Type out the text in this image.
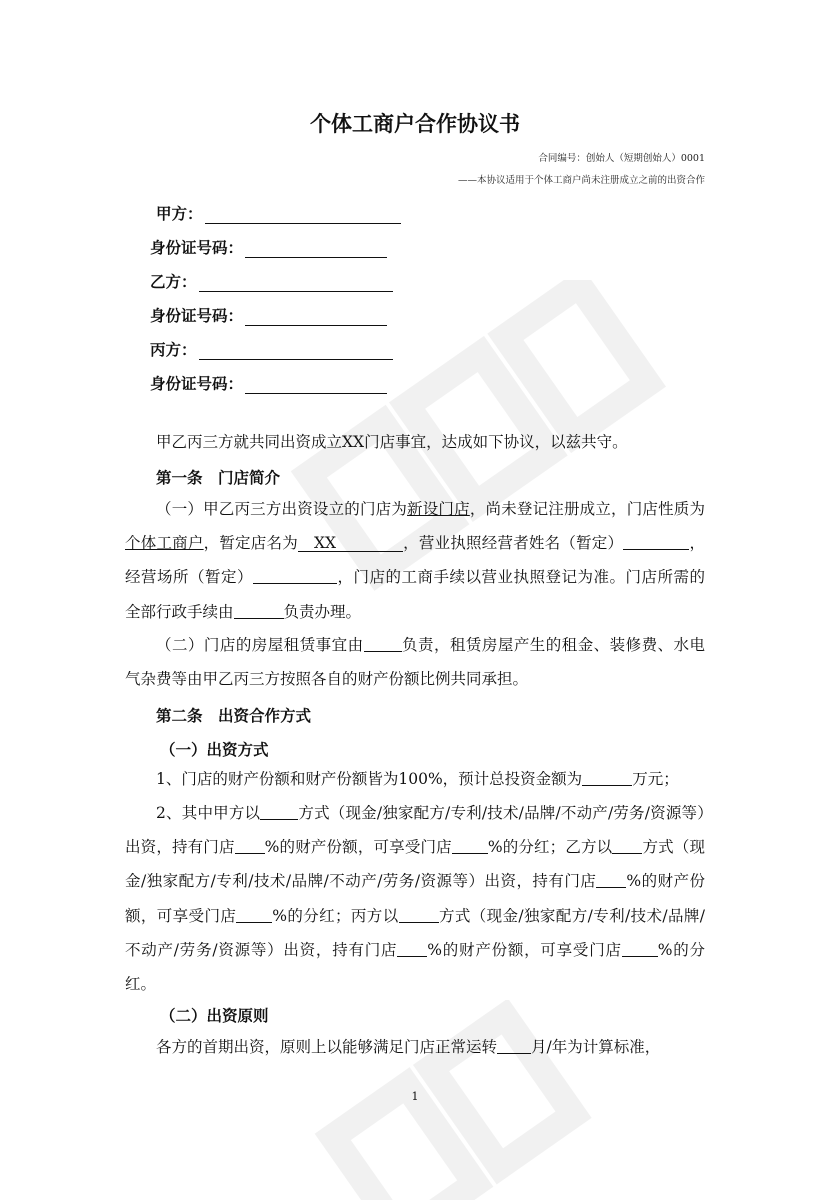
个体工商户合作协议书
合同编号：创始人（短期创始人）0001
——本协议适用于个体工商户尚未注册成立之前的出资合作
甲方：
身份证号码：
乙方：
身份证号码：
丙方：
身份证号码：

甲乙丙三方就共同出资成立XX门店事宜，达成如下协议，以兹共守。

第一条　门店简介

（一）甲乙丙三方出资设立的门店为新设门店，尚未登记注册成立，门店性质为个体工商户，暂定店名为 XX	，营业执照经营者姓名（暂定）	，经营场所（暂定）	，门店的工商手续以营业执照登记为准。门店所需的全部行政手续由	负责办理。

（二）门店的房屋租赁事宜由 负责，租赁房屋产生的租金、装修费、水电气杂费等由甲乙丙三方按照各自的财产份额比例共同承担。

第二条　出资合作方式
（一）出资方式

1、门店的财产份额和财产份额皆为100%，预计总投资金额为	万元；

2、其中甲方以 方式（现金/独家配方/专利/技术/品牌/不动产/劳务/资源等）出资，持有门店 %的财产份额，可享受门店 %的分红；乙方以 方式（现金/独家配方/专利/技术/品牌/不动产/劳务/资源等）出资，持有门店 %的财产份额，可享受门店 %的分红；丙方以	方式（现金/独家配方/专利/技术/品牌/不动产/劳务/资源等）出资，持有门店 %的财产份额，可享受门店 %的分红。

（二）出资原则

各方的首期出资，原则上以能够满足门店正常运转 月/年为计算标准，

1
